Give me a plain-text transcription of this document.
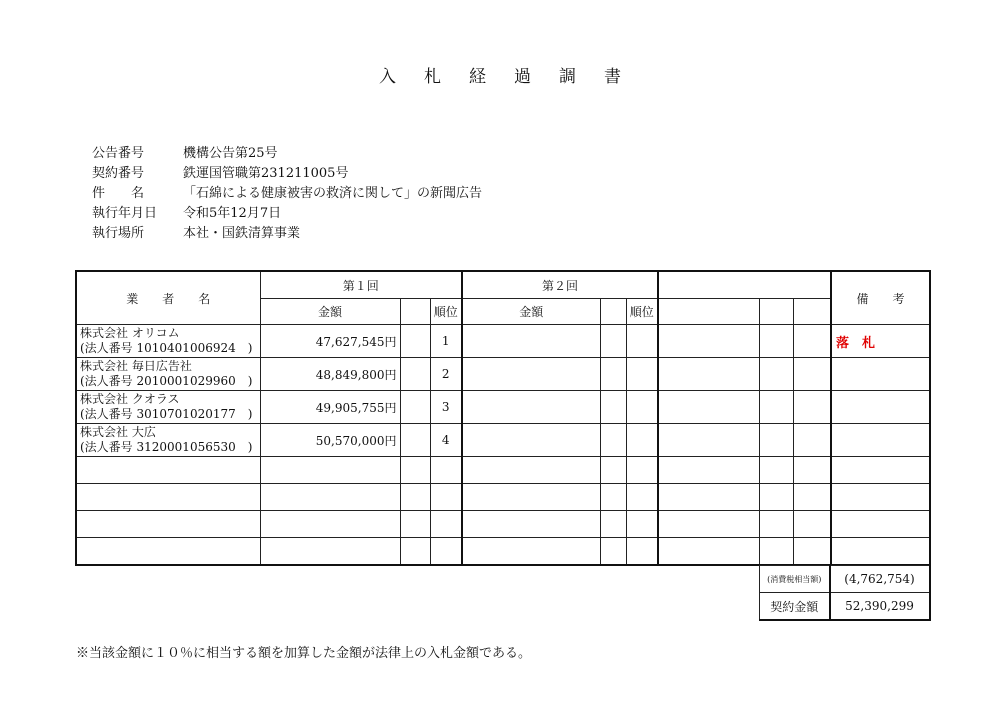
入 札 経 過 調 書
公告番号	機構公告第25号
契約番号	鉄運国管職第231211005号
件　　名	「石綿による健康被害の救済に関して」の新聞広告
執行年月日 令和5年12月7日
執行場所	本社・国鉄清算事業
業　　者　　名	第１回			第２回						備　　考
	金額		順位	金額		順位				

株式会社 オリコム
(法人番号 1010401006924　)	47,627,545円		1							落　札

株式会社 毎日広告社
(法人番号 2010001029960　)	48,849,800円		2							

株式会社 クオラス
(法人番号 3010701020177　)	49,905,755円		3							

株式会社 大広
(法人番号 3120001056530　)	50,570,000円		4							

(消費税相当額)	(4,762,754)
契約金額	52,390,299
※当該金額に１０％に相当する額を加算した金額が法律上の入札金額である。
